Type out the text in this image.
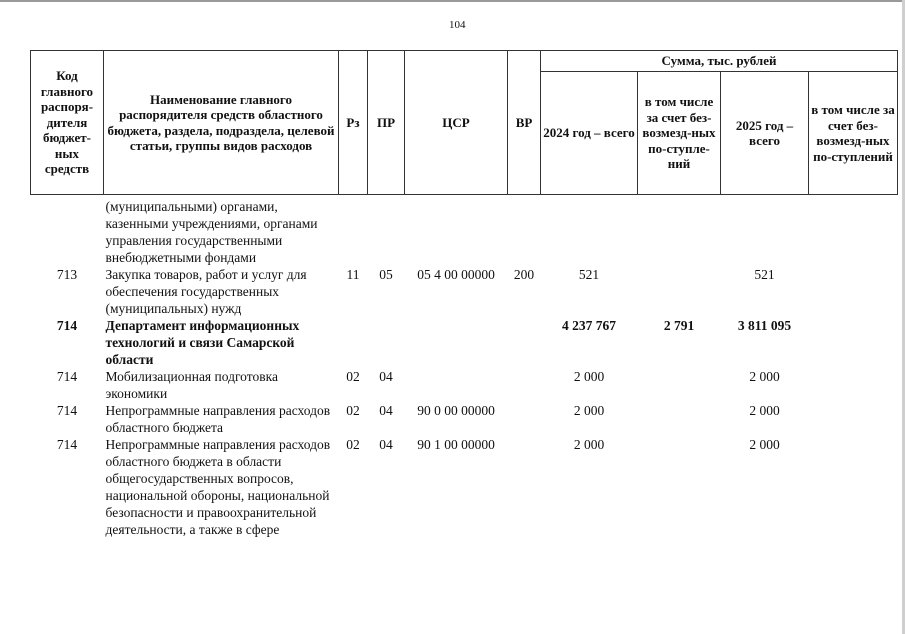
104
Код главного распоря-дителя бюджет-ных средств	Наименование главного распорядителя средств областного бюджета, раздела, подраздела, целевой статьи, группы видов расходов	Рз	ПР	ЦСР	ВР	Сумма, тыс. рублей			
						2024 год – всего	в том числе за счет без-возмезд-ных по-ступле-ний	2025 год – всего	в том числе за счет без-возмезд-ных по-ступлений
	(муниципальными) органами, казенными учреждениями, органами управления государственными внебюджетными фондами								
713	Закупка товаров, работ и услуг для обеспечения государственных (муниципальных) нужд	11	05	05 4 00 00000	200	521		521	
714	Департамент информационных технологий и связи Самарской области					4 237 767	2 791	3 811 095	
714	Мобилизационная подготовка экономики	02	04			2 000		2 000	
714	Непрограммные направления расходов областного бюджета	02	04	90 0 00 00000		2 000		2 000	
714	Непрограммные направления расходов областного бюджета в области общегосударственных вопросов, национальной обороны, национальной безопасности и правоохранительной деятельности, а также в сфере	02	04	90 1 00 00000		2 000		2 000	
